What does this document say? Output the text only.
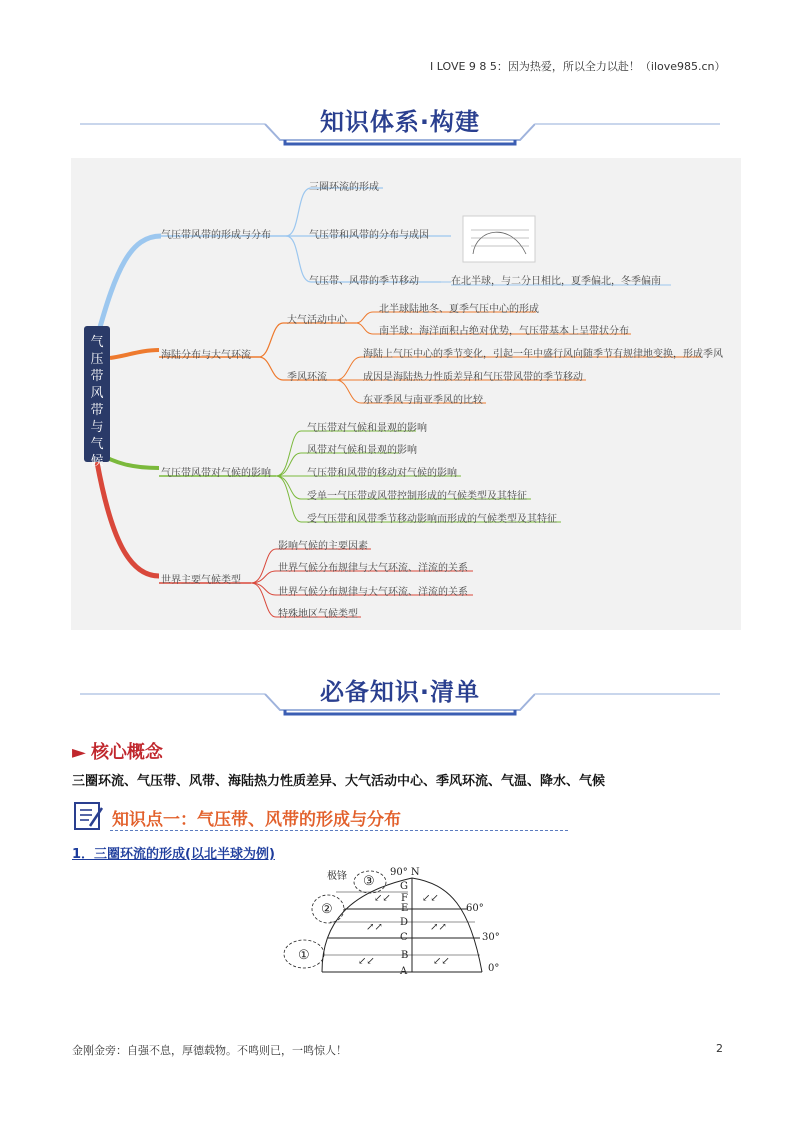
I LOVE 9 8 5：因为热爱，所以全力以赴！（ilove985.cn）
知识体系·构建
气压带风带的形成与分布
三圈环流的形成
气压带和风带的分布与成因
气压带、风带的季节移动	在北半球，与二分日相比，夏季偏北，冬季偏南
海陆分布与大气环流
大气活动中心
北半球陆地冬、夏季气压中心的形成
南半球：海洋面积占绝对优势，气压带基本上呈带状分布
季风环流
海陆上气压中心的季节变化，引起一年中盛行风向随季节有规律地变换，形成季风
成因是海陆热力性质差异和气压带风带的季节移动
东亚季风与南亚季风的比较
气压带风带对气候的影响
气压带对气候和景观的影响
风带对气候和景观的影响
气压带和风带的移动对气候的影响
受单一气压带或风带控制形成的气候类型及其特征
受气压带和风带季节移动影响而形成的气候类型及其特征
世界主要气候类型
影响气候的主要因素
世界气候分布规律与大气环流、洋流的关系
世界气候分布规律与大气环流、洋流的关系
特殊地区气候类型
气压带风带与气候
必备知识·清单
► 核心概念
三圈环流、气压带、风带、海陆热力性质差异、大气活动中心、季风环流、气温、降水、气候
知识点一：气压带、风带的形成与分布
1．三圈环流的形成(以北半球为例)
极锋	90° N
60°
30°
0°
A
B
C
D
E
F
G
①
②
③
↙↙	↙↙
↗↗	↗↗
↙↙	↙↙
金刚金旁：自强不息，厚德载物。不鸣则已，一鸣惊人！	2
